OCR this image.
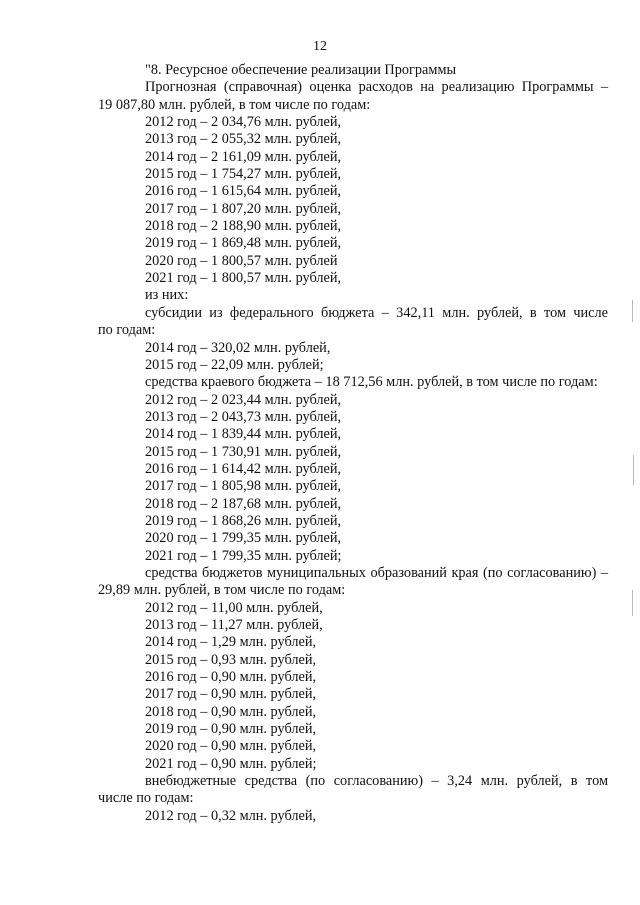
12
"8. Ресурсное обеспечение реализации Программы
Прогнозная (справочная) оценка расходов на реализацию Программы –
19 087,80 млн. рублей, в том числе по годам:
2012 год – 2 034,76 млн. рублей,
2013 год – 2 055,32 млн. рублей,
2014 год – 2 161,09 млн. рублей,
2015 год – 1 754,27 млн. рублей,
2016 год – 1 615,64 млн. рублей,
2017 год – 1 807,20 млн. рублей,
2018 год – 2 188,90 млн. рублей,
2019 год – 1 869,48 млн. рублей,
2020 год – 1 800,57 млн. рублей
2021 год – 1 800,57 млн. рублей,
из них:
субсидии из федерального бюджета – 342,11 млн. рублей, в том числе
по годам:
2014 год – 320,02 млн. рублей,
2015 год – 22,09 млн. рублей;
средства краевого бюджета – 18 712,56 млн. рублей, в том числе по годам:
2012 год – 2 023,44 млн. рублей,
2013 год – 2 043,73 млн. рублей,
2014 год – 1 839,44 млн. рублей,
2015 год – 1 730,91 млн. рублей,
2016 год – 1 614,42 млн. рублей,
2017 год – 1 805,98 млн. рублей,
2018 год – 2 187,68 млн. рублей,
2019 год – 1 868,26 млн. рублей,
2020 год – 1 799,35 млн. рублей,
2021 год – 1 799,35 млн. рублей;
средства бюджетов муниципальных образований края (по согласованию) –
29,89 млн. рублей, в том числе по годам:
2012 год – 11,00 млн. рублей,
2013 год – 11,27 млн. рублей,
2014 год – 1,29 млн. рублей,
2015 год – 0,93 млн. рублей,
2016 год – 0,90 млн. рублей,
2017 год – 0,90 млн. рублей,
2018 год – 0,90 млн. рублей,
2019 год – 0,90 млн. рублей,
2020 год – 0,90 млн. рублей,
2021 год – 0,90 млн. рублей;
внебюджетные средства (по согласованию) – 3,24 млн. рублей, в том
числе по годам:
2012 год – 0,32 млн. рублей,
